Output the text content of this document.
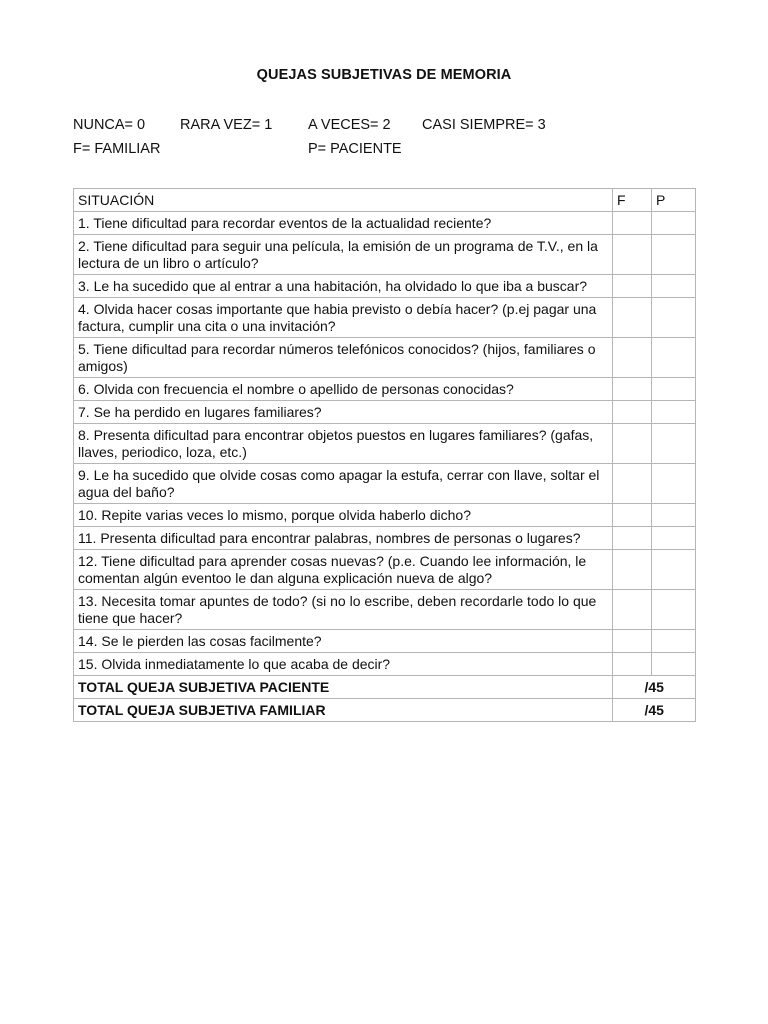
QUEJAS SUBJETIVAS DE MEMORIA
NUNCA= 0 RARA VEZ= 1 A VECES= 2 CASI SIEMPRE= 3
F= FAMILIAR	P= PACIENTE
SITUACIÓN	F	P
1. Tiene dificultad para recordar eventos de la actualidad reciente?		
2. Tiene dificultad para seguir una película, la emisión de un programa de T.V., en la lectura de un libro o artículo?		
3. Le ha sucedido que al entrar a una habitación, ha olvidado lo que iba a buscar?		
4. Olvida hacer cosas importante que habia previsto o debía hacer? (p.ej pagar una factura, cumplir una cita o una invitación?		
5. Tiene dificultad para recordar números telefónicos conocidos? (hijos, familiares o amigos)		
6. Olvida con frecuencia el nombre o apellido de personas conocidas?		
7. Se ha perdido en lugares familiares?		
8. Presenta dificultad para encontrar objetos puestos en lugares familiares? (gafas, llaves, periodico, loza, etc.)		
9. Le ha sucedido que olvide cosas como apagar la estufa, cerrar con llave, soltar el agua del baño?		
10. Repite varias veces lo mismo, porque olvida haberlo dicho?		
11. Presenta dificultad para encontrar palabras, nombres de personas o lugares?		
12. Tiene dificultad para aprender cosas nuevas? (p.e. Cuando lee información, le comentan algún eventoo le dan alguna explicación nueva de algo?		
13. Necesita tomar apuntes de todo? (si no lo escribe, deben recordarle todo lo que tiene que hacer?		
14. Se le pierden las cosas facilmente?		
15. Olvida inmediatamente lo que acaba de decir?		
TOTAL QUEJA SUBJETIVA PACIENTE		/45
TOTAL QUEJA SUBJETIVA FAMILIAR		/45
